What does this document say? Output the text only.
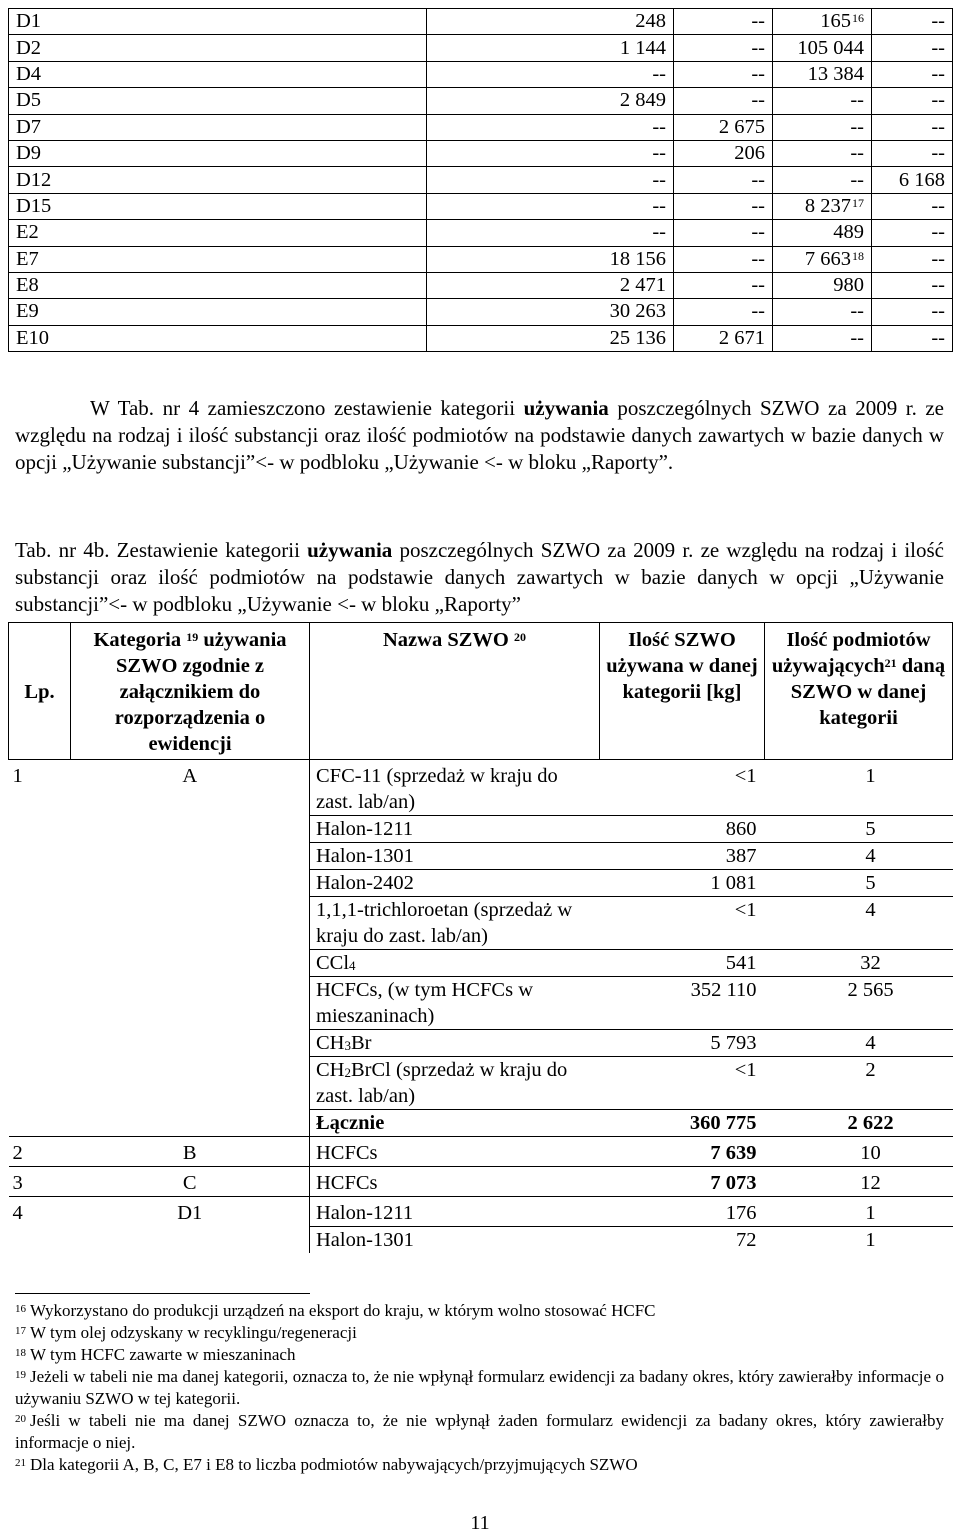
D1	248	--	165$^{16}$	--
D2	1 144	--	105 044	--
D4	--	--	13 384	--
D5	2 849	--	--	--
D7	--	2 675	--	--
D9	--	206	--	--
D12	--	--	--	6 168
D15	--	--	8 237$^{17}$	--
E2	--	--	489	--
E7	18 156	--	7 663$^{18}$	--
E8	2 471	--	980	--
E9	30 263	--	--	--
E10	25 136	2 671	--	--

W Tab. nr 4 zamieszczono zestawienie kategorii używania poszczególnych SZWO za 2009 r. ze względu na rodzaj i ilość substancji oraz ilość podmiotów na podstawie danych zawartych w bazie danych w opcji „Używanie substancji”<- w podbloku „Używanie <- w bloku „Raporty”.

Tab. nr 4b. Zestawienie kategorii używania poszczególnych SZWO za 2009 r. ze względu na rodzaj i ilość substancji oraz ilość podmiotów na podstawie danych zawartych w bazie danych w opcji „Używanie substancji”<- w podbloku „Używanie <- w bloku „Raporty”

Lp.	Kategoria $^{19}$ używania SZWO zgodnie z załącznikiem do rozporządzenia o ewidencji	Nazwa SZWO $^{20}$	Ilość SZWO używana w danej kategorii [kg]	Ilość podmiotów używających$^{21}$ daną SZWO w danej kategorii
1	A	CFC-11 (sprzedaż w kraju do zast. lab/an)	<1	1
		Halon-1211	860	5
		Halon-1301	387	4
		Halon-2402	1 081	5
		1,1,1-trichloroetan (sprzedaż w kraju do zast. lab/an)	<1	4
		CCl$_4$	541	32
		HCFCs, (w tym HCFCs w mieszaninach)	352 110	2 565
		$CH_3Br$	5 793	4
		$CH_2BrCl$ (sprzedaż w kraju do zast. lab/an)	<1	2
		Łącznie	360 775	2 622
2	B	HCFCs	7 639	10
3	C	HCFCs	7 073	12
4	D1	Halon-1211	176	1
		Halon-1301	72	1

$^{16}$ Wykorzystano do produkcji urządzeń na eksport do kraju, w którym wolno stosować HCFC

$^{17}$ W tym olej odzyskany w recyklingu/regeneracji

$^{18}$ W tym HCFC zawarte w mieszaninach

$^{19}$ Jeżeli w tabeli nie ma danej kategorii, oznacza to, że nie wpłynął formularz ewidencji za badany okres, który zawierałby informacje o używaniu SZWO w tej kategorii.

$^{20}$ Jeśli w tabeli nie ma danej SZWO oznacza to, że nie wpłynął żaden formularz ewidencji za badany okres, który zawierałby informacje o niej.

$^{21}$ Dla kategorii A, B, C, E7 i E8 to liczba podmiotów nabywających/przyjmujących SZWO

11
